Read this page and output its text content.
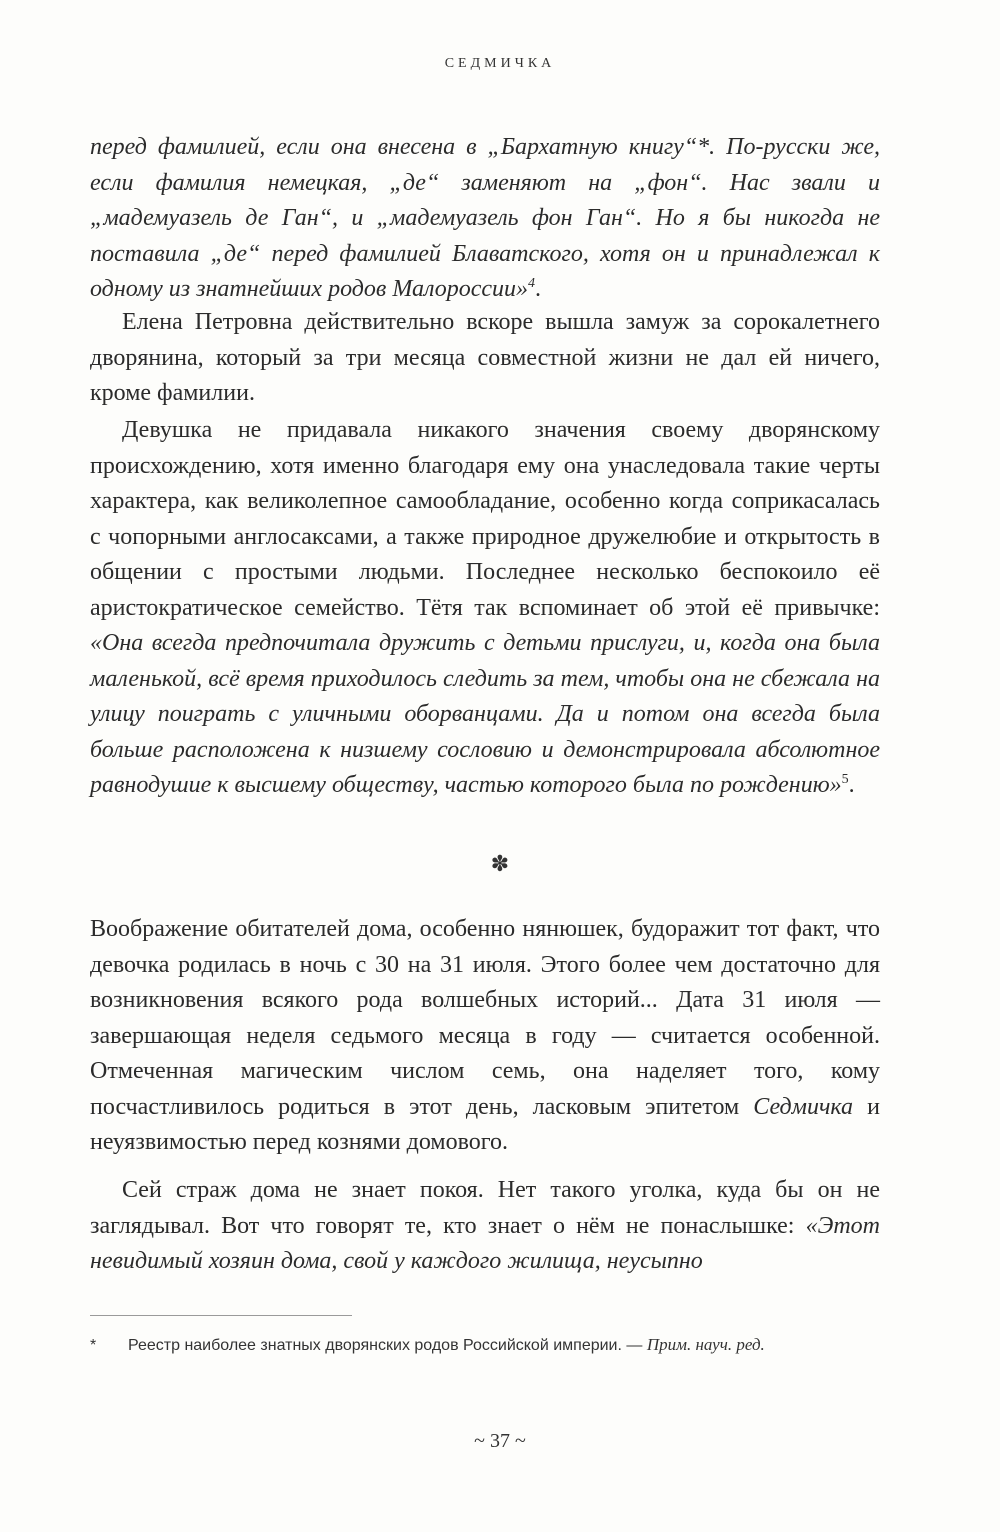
СЕДМИЧКА

перед фамилией, если она внесена в „Бархатную книгу“*. По-русски же, если фамилия немецкая, „де“ заменяют на „фон“. Нас звали и „мадемуазель де Ган“, и „мадемуазель фон Ган“. Но я бы никогда не поставила „де“ перед фамилией Блаватского, хотя он и принадлежал к одному из знатнейших родов Малороссии»$^4$.

Елена Петровна действительно вскоре вышла замуж за сорокалетнего дворянина, который за три месяца совместной жизни не дал ей ничего, кроме фамилии.

Девушка не придавала никакого значения своему дворянскому происхождению, хотя именно благодаря ему она унаследовала такие черты характера, как великолепное самообладание, особенно когда соприкасалась с чопорными англосаксами, а также природное дружелюбие и открытость в общении с простыми людьми. Последнее несколько беспокоило её аристократическое семейство. Тётя так вспоминает об этой её привычке: «Она всегда предпочитала дружить с детьми прислуги, и, когда она была маленькой, всё время приходилось следить за тем, чтобы она не сбежала на улицу поиграть с уличными оборванцами. Да и потом она всегда была больше расположена к низшему сословию и демонстрировала абсолютное равнодушие к высшему обществу, частью которого была по рождению»$^5$.

✽

Воображение обитателей дома, особенно нянюшек, будоражит тот факт, что девочка родилась в ночь с 30 на 31 июля. Этого более чем достаточно для возникновения всякого рода волшебных историй... Дата 31 июля — завершающая неделя седьмого месяца в году — считается особенной. Отмеченная магическим числом семь, она наделяет того, кому посчастливилось родиться в этот день, ласковым эпитетом Седмичка и неуязвимостью перед кознями домового.

Сей страж дома не знает покоя. Нет такого уголка, куда бы он не заглядывал. Вот что говорят те, кто знает о нём не понаслышке: «Этот невидимый хозяин дома, свой у каждого жилища, неусыпно

* Реестр наиболее знатных дворянских родов Российской империи. — Прим. науч. ред.
~ 37 ~
